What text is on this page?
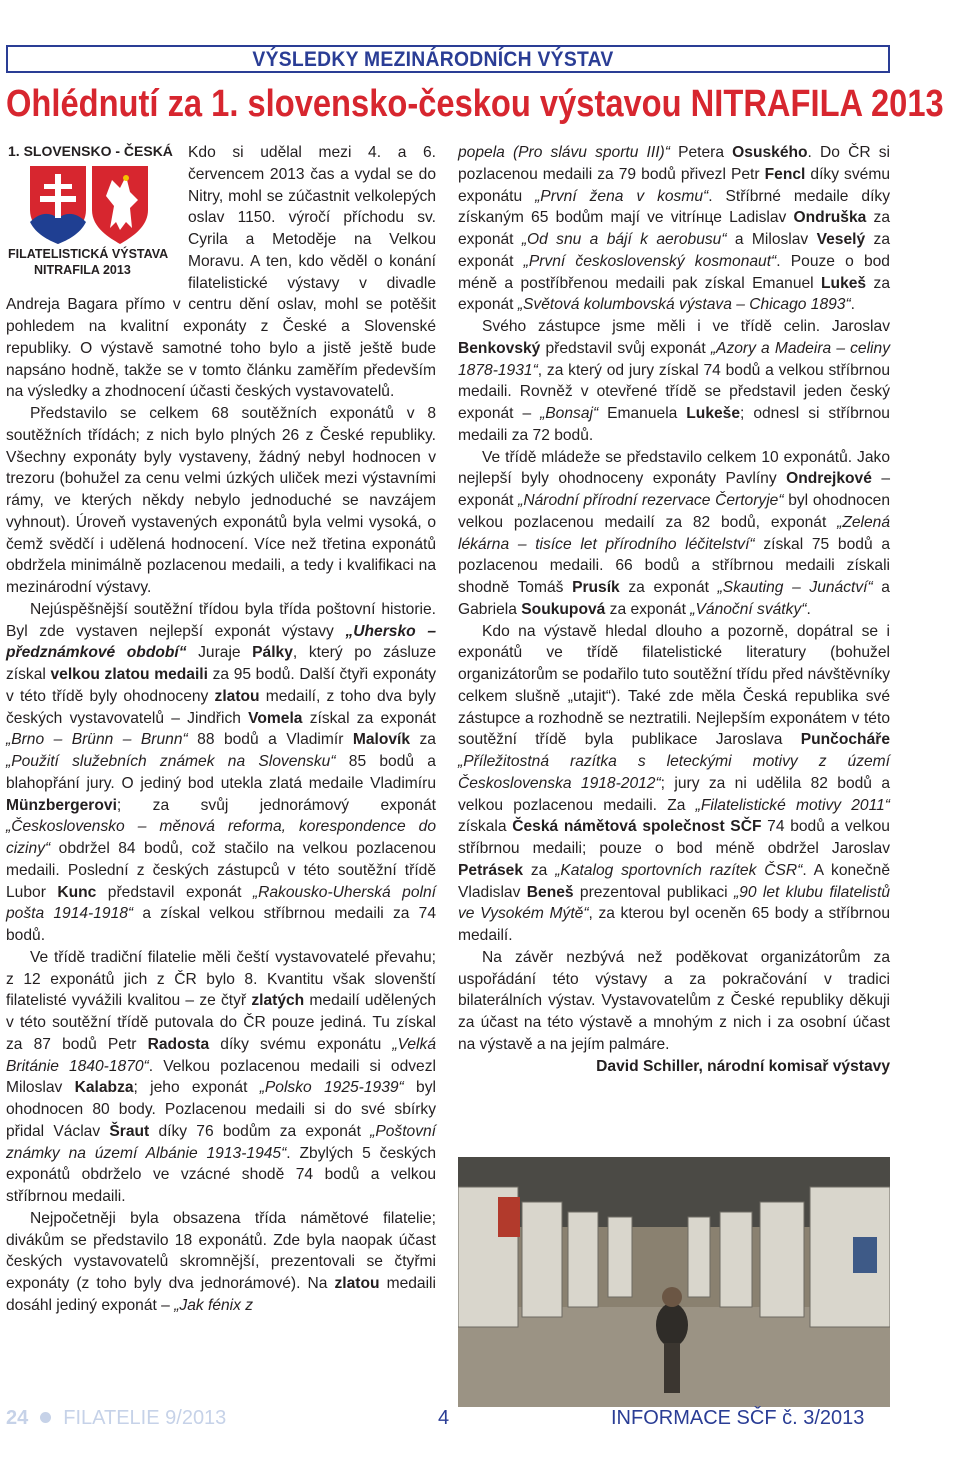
VÝSLEDKY MEZINÁRODNÍCH VÝSTAV
Ohlédnutí za 1. slovensko-českou výstavou NITRAFILA 2013
1. SLOVENSKO - ČESKÁ
FILATELISTICKÁ VÝSTAVA
NITRAFILA 2013

Kdo si udělal mezi 4. a 6. červencem 2013 čas a vydal se do Nitry, mohl se zúčastnit velkolepých oslav 1150. výročí příchodu sv. Cyrila a Metoděje na Velkou Moravu. A ten, kdo věděl o konání filatelistické výstavy v divadle Andreja Bagara přímo v centru dění oslav, mohl se potěšit pohledem na kvalitní exponáty z České a Slovenské republiky. O výstavě samotné toho bylo a jistě ještě bude napsáno hodně, takže se v tomto článku zaměřím především na výsledky a zhodnocení účasti českých vystavovatelů.

Představilo se celkem 68 soutěžních exponátů v 8 soutěžních třídách; z nich bylo plných 26 z České republiky. Všechny exponáty byly vystaveny, žádný nebyl hodnocen v trezoru (bohužel za cenu velmi úzkých uliček mezi výstavními rámy, ve kterých někdy nebylo jednoduché se navzájem vyhnout). Úroveň vystavených exponátů byla velmi vysoká, o čemž svědčí i udělená hodnocení. Více než třetina exponátů obdržela minimálně pozlacenou medaili, a tedy i kvalifikaci na mezinárodní výstavy.

Nejúspěšnější soutěžní třídou byla třída poštovní historie. Byl zde vystaven nejlepší exponát výstavy „Uhersko – předznámkové období“ Juraje Pálky, který po zásluze získal velkou zlatou medaili za 95 bodů. Další čtyři exponáty v této třídě byly ohodnoceny zlatou medailí, z toho dva byly českých vystavovatelů – Jindřich Vomela získal za exponát „Brno – Brünn – Brunn“ 88 bodů a Vladimír Malovík za „Použití služebních známek na Slovensku“ 85 bodů a blahopřání jury. O jediný bod utekla zlatá medaile Vladimíru Münzbergerovi; za svůj jednorámový exponát „Československo – měnová reforma, korespondence do ciziny“ obdržel 84 bodů, což stačilo na velkou pozlacenou medaili. Poslední z českých zástupců v této soutěžní třídě Lubor Kunc představil exponát „Rakousko-Uherská polní pošta 1914-1918“ a získal velkou stříbrnou medaili za 74 bodů.

Ve třídě tradiční filatelie měli čeští vystavovatelé převahu; z 12 exponátů jich z ČR bylo 8. Kvantitu však slovenští filatelisté vyvážili kvalitou – ze čtyř zlatých medailí udělených v této soutěžní třídě putovala do ČR pouze jediná. Tu získal za 87 bodů Petr Radosta díky svému exponátu „Velká Británie 1840-1870“. Velkou pozlacenou medaili si odvezl Miloslav Kalabza; jeho exponát „Polsko 1925-1939“ byl ohodnocen 80 body. Pozlacenou medaili si do své sbírky přidal Václav Šraut díky 76 bodům za exponát „Poštovní známky na území Albánie 1913-1945“. Zbylých 5 českých exponátů obdrželo ve vzácné shodě 74 bodů a velkou stříbrnou medaili.

Nejpočetněji byla obsazena třída námětové filatelie; divákům se představilo 18 exponátů. Zde byla naopak účast českých vystavovatelů skromnější, prezentovali se čtyřmi exponáty (z toho byly dva jednorámové). Na zlatou medaili dosáhl jediný exponát – „Jak fénix z

popela (Pro slávu sportu III)“ Petera Osuského. Do ČR si pozlacenou medaili za 79 bodů přivezl Petr Fencl díky svému exponátu „První žena v kosmu“. Stříbrné medaile díky získaným 65 bodům mají ve vitríнце Ladislav Ondruška za exponát „Od snu a bájí k aerobusu“ a Miloslav Veselý za exponát „První československý kosmonaut“. Pouze o bod méně a postříbřenou medaili pak získal Emanuel Lukeš za exponát „Světová kolumbovská výstava – Chicago 1893“.

Svého zástupce jsme měli i ve třídě celin. Jaroslav Benkovský představil svůj exponát „Azory a Madeira – celiny 1878-1931“, za který od jury získal 74 bodů a velkou stříbrnou medaili. Rovněž v otevřené třídě se představil jeden český exponát – „Bonsaj“ Emanuela Lukeše; odnesl si stříbrnou medaili za 72 bodů.

Ve třídě mládeže se představilo celkem 10 exponátů. Jako nejlepší byly ohodnoceny exponáty Pavlíny Ondrejkové – exponát „Národní přírodní rezervace Čertoryje“ byl ohodnocen velkou pozlacenou medailí za 82 bodů, exponát „Zelená lékárna – tisíce let přírodního léčitelství“ získal 75 bodů a pozlacenou medaili. 66 bodů a stříbrnou medaili získali shodně Tomáš Prusík za exponát „Skauting – Junáctví“ a Gabriela Soukupová za exponát „Vánoční svátky“.

Kdo na výstavě hledal dlouho a pozorně, dopátral se i exponátů ve třídě filatelistické literatury (bohužel organizátorům se podařilo tuto soutěžní třídu před návštěvníky celkem slušně „utajit“). Také zde měla Česká republika své zástupce a rozhodně se neztratili. Nejlepším exponátem v této soutěžní třídě byla publikace Jaroslava Punčocháře „Příležitostná razítka s leteckými motivy z území Československa 1918-2012“; jury za ni udělila 82 bodů a velkou pozlacenou medaili. Za „Filatelistické motivy 2011“ získala Česká námětová společnost SČF 74 bodů a velkou stříbrnou medaili; pouze o bod méně obdržel Jaroslav Petrásek za „Katalog sportovních razítek ČSR“. A konečně Vladislav Beneš prezentoval publikaci „90 let klubu filatelistů ve Vysokém Mýtě“, za kterou byl oceněn 65 body a stříbrnou medailí.

Na závěr nezbývá než poděkovat organizátorům za uspořádání této výstavy a za pokračování v tradici bilaterálních výstav. Vystavovatelům z České republiky děkuji za účast na této výstavě a mnohým z nich i za osobní účast na výstavě a na jejím palmáre.

David Schiller, národní komisař výstavy

24 FILATELIE 9/2013	4	INFORMACE SČF č. 3/2013
